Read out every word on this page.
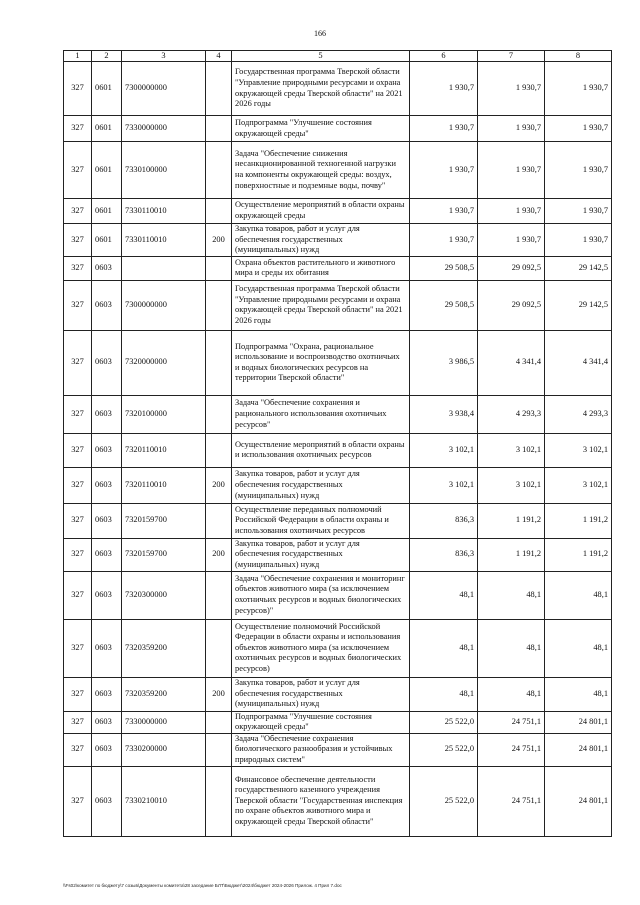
166
1	2	3	4	5	6	7	8
327	0601	7300000000		Государственная программа Тверской области "Управление природными ресурсами и охрана окружающей среды Тверской области" на 2021 2026 годы	1 930,7	1 930,7	1 930,7
327	0601	7330000000		Подпрограмма "Улучшение состояния окружающей среды"	1 930,7	1 930,7	1 930,7
327	0601	7330100000		Задача "Обеспечение снижения несанкционированной техногенной нагрузки на компоненты окружающей среды: воздух, поверхностные и подземные воды, почву"	1 930,7	1 930,7	1 930,7
327	0601	7330110010		Осуществление мероприятий в области охраны окружающей среды	1 930,7	1 930,7	1 930,7
327	0601	7330110010	200	Закупка товаров, работ и услуг для обеспечения государственных (муниципальных) нужд	1 930,7	1 930,7	1 930,7
327	0603			Охрана объектов растительного и животного мира и среды их обитания	29 508,5	29 092,5	29 142,5
327	0603	7300000000		Государственная программа Тверской области "Управление природными ресурсами и охрана окружающей среды Тверской области" на 2021 2026 годы	29 508,5	29 092,5	29 142,5
327	0603	7320000000		Подпрограмма "Охрана, рациональное использование и воспроизводство охотничьих и водных биологических ресурсов на территории Тверской области"	3 986,5	4 341,4	4 341,4
327	0603	7320100000		Задача "Обеспечение сохранения и рационального использования охотничьих ресурсов"	3 938,4	4 293,3	4 293,3
327	0603	7320110010		Осуществление мероприятий в области охраны и использования охотничьих ресурсов	3 102,1	3 102,1	3 102,1
327	0603	7320110010	200	Закупка товаров, работ и услуг для обеспечения государственных (муниципальных) нужд	3 102,1	3 102,1	3 102,1
327	0603	7320159700		Осуществление переданных полномочий Российской Федерации в области охраны и использования охотничьих ресурсов	836,3	1 191,2	1 191,2
327	0603	7320159700	200	Закупка товаров, работ и услуг для обеспечения государственных (муниципальных) нужд	836,3	1 191,2	1 191,2
327	0603	7320300000		Задача "Обеспечение сохранения и мониторинг объектов животного мира (за исключением охотничьих ресурсов и водных биологических ресурсов)"	48,1	48,1	48,1
327	0603	7320359200		Осуществление полномочий Российской Федерации в области охраны и использования объектов животного мира (за исключением охотничьих ресурсов и водных биологических ресурсов)	48,1	48,1	48,1
327	0603	7320359200	200	Закупка товаров, работ и услуг для обеспечения государственных (муниципальных) нужд	48,1	48,1	48,1
327	0603	7330000000		Подпрограмма "Улучшение состояния окружающей среды"	25 522,0	24 751,1	24 801,1
327	0603	7330200000		Задача "Обеспечение сохранения биологического разнообразия и устойчивых природных систем"	25 522,0	24 751,1	24 801,1
327	0603	7330210010		Финансовое обеспечение деятельности государственного казенного учреждения Тверской области "Государственная инспекция по охране объектов животного мира и окружающей среды Тверской области"	25 522,0	24 751,1	24 801,1
\\Fs02\комитет по бюджету\7 созыв\Документы комитета\28 заседание БЛТ\Бюджет\2024\бюджет 2024-2026 Прилож. 4 Прил 7.doc
